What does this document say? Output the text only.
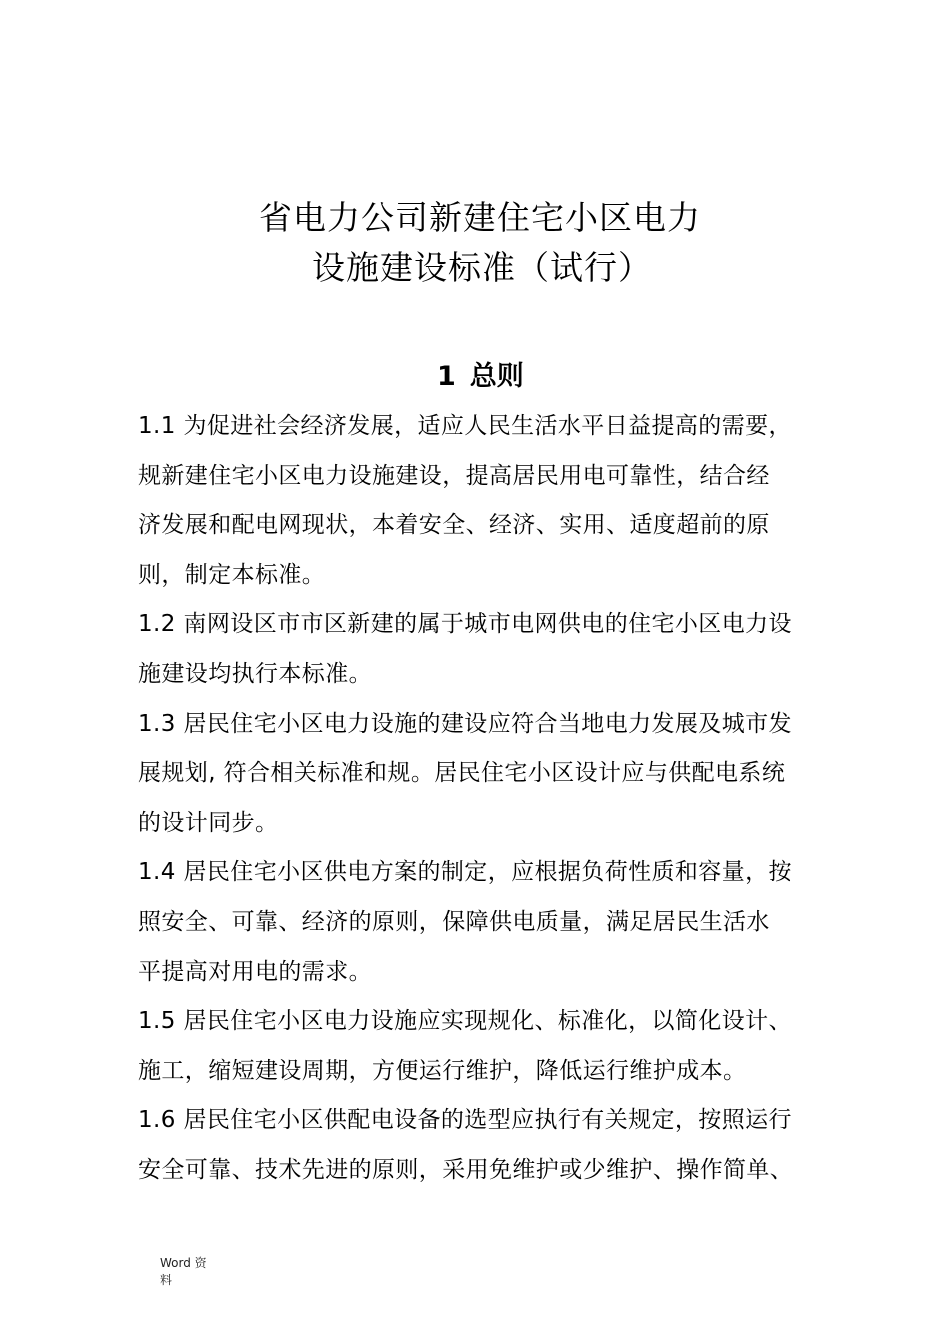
省电力公司新建住宅小区电力
设施建设标准（试行）
1 总则
1.1 为促进社会经济发展，适应人民生活水平日益提高的需要，
规新建住宅小区电力设施建设，提高居民用电可靠性，结合经
济发展和配电网现状，本着安全、经济、实用、适度超前的原
则，制定本标准。
1.2 南网设区市市区新建的属于城市电网供电的住宅小区电力设
施建设均执行本标准。
1.3 居民住宅小区电力设施的建设应符合当地电力发展及城市发
展规划, 符合相关标准和规。居民住宅小区设计应与供配电系统
的设计同步。
1.4 居民住宅小区供电方案的制定，应根据负荷性质和容量，按
照安全、可靠、经济的原则，保障供电质量，满足居民生活水
平提高对用电的需求。
1.5 居民住宅小区电力设施应实现规化、标准化，以简化设计、
施工，缩短建设周期，方便运行维护，降低运行维护成本。
1.6 居民住宅小区供配电设备的选型应执行有关规定，按照运行
安全可靠、技术先进的原则，采用免维护或少维护、操作简单、
Word 资
料
